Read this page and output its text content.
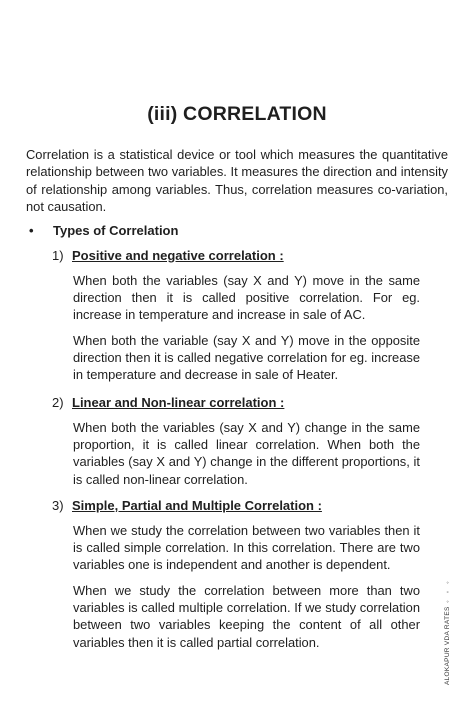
(iii) CORRELATION
Correlation is a statistical device or tool which measures the quantitative relationship between two variables. It measures the direction and intensity of relationship among variables. Thus, correlation measures co-variation, not causation.
• Types of Correlation
1) Positive and negative correlation :
When both the variables (say X and Y) move in the same direction then it is called positive correlation. For eg. increase in temperature and increase in sale of AC.
When both the variable (say X and Y) move in the opposite direction then it is called negative correlation for eg. increase in temperature and decrease in sale of Heater.
2) Linear and Non-linear correlation :
When both the variables (say X and Y) change in the same proportion, it is called linear correlation. When both the variables (say X and Y) change in the different proportions, it is called non-linear correlation.
3) Simple, Partial and Multiple Correlation :
When we study the correlation between two variables then it is called simple correlation. In this correlation. There are two variables one is independent and another is dependent.
When we study the correlation between more than two variables is called multiple correlation. If we study correlation between two variables keeping the content of all other variables then it is called partial correlation.	ALOKAPUR VDA RATES ◦ ◦ ◦
